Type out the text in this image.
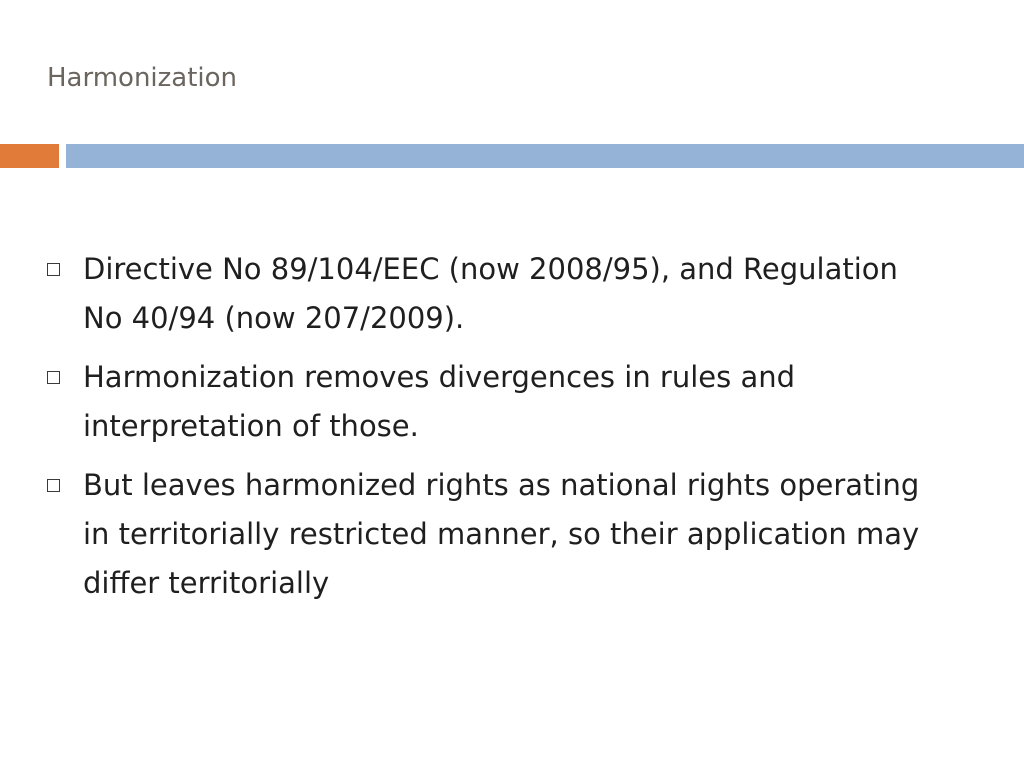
Harmonization
Directive No 89/104/EEC (now 2008/95), and Regulation No 40/94 (now 207/2009).
Harmonization removes divergences in rules and interpretation of those.
But leaves harmonized rights as national rights operating in territorially restricted manner, so their application may differ territorially
